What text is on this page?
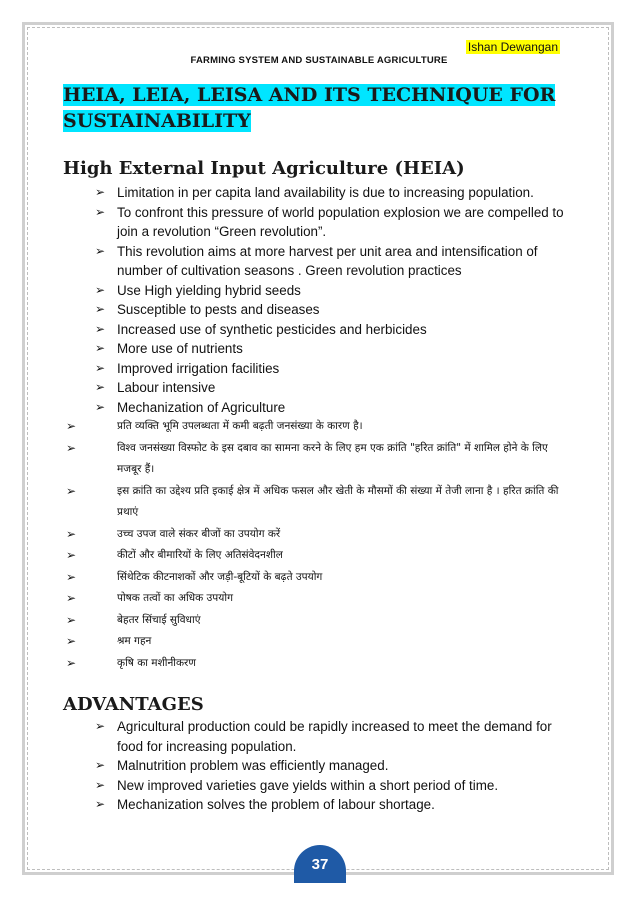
Ishan Dewangan
FARMING SYSTEM AND SUSTAINABLE AGRICULTURE
HEIA, LEIA, LEISA AND ITS TECHNIQUE FOR SUSTAINABILITY
High External Input Agriculture (HEIA)
➢ Limitation in per capita land availability is due to increasing population.
➢ To confront this pressure of world population explosion we are compelled to join a revolution “Green revolution”.
➢ This revolution aims at more harvest per unit area and intensification of number of cultivation seasons . Green revolution practices
➢ Use High yielding hybrid seeds
➢ Susceptible to pests and diseases
➢ Increased use of synthetic pesticides and herbicides
➢ More use of nutrients
➢ Improved irrigation facilities
➢ Labour intensive
➢ Mechanization of Agriculture
➢	प्रति व्यक्ति भूमि उपलब्धता में कमी बढ़ती जनसंख्या के कारण है।
➢	विश्व जनसंख्या विस्फोट के इस दबाव का सामना करने के लिए हम एक क्रांति "हरित क्रांति" में शामिल होने के लिए मजबूर हैं।
➢	इस क्रांति का उद्देश्य प्रति इकाई क्षेत्र में अधिक फसल और खेती के मौसमों की संख्या में तेजी लाना है । हरित क्रांति की प्रथाएं
➢	उच्च उपज वाले संकर बीजों का उपयोग करें
➢	कीटों और बीमारियों के लिए अतिसंवेदनशील
➢	सिंथेटिक कीटनाशकों और जड़ी-बूटियों के बढ़ते उपयोग
➢	पोषक तत्वों का अधिक उपयोग
➢	बेहतर सिंचाई सुविधाएं
➢	श्रम गहन
➢	कृषि का मशीनीकरण
ADVANTAGES
➢ Agricultural production could be rapidly increased to meet the demand for food for increasing population.
➢ Malnutrition problem was efficiently managed.
➢ New improved varieties gave yields within a short period of time.
➢ Mechanization solves the problem of labour shortage.
37
